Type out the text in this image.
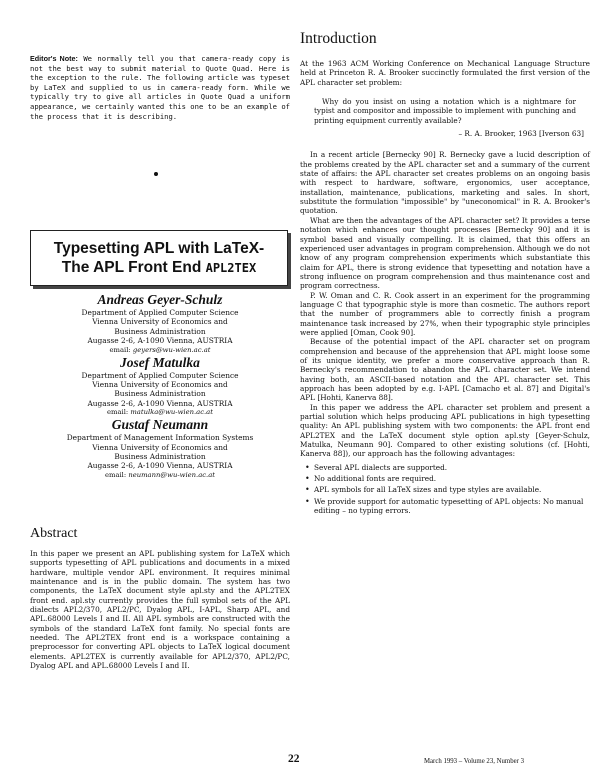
Editor's Note: We normally tell you that camera-ready copy is not the best way to submit material to Quote Quad. Here is the exception to the rule. The following article was typeset by LaTeX and supplied to us in camera-ready form. While we typically try to give all articles in Quote Quad a uniform appearance, we certainly wanted this one to be an example of the process that it is describing.
Typesetting APL with LaTeX-
The APL Front End APL2TEX
Andreas Geyer-Schulz
Department of Applied Computer Science
Vienna University of Economics and
Business Administration
Augasse 2-6, A-1090 Vienna, AUSTRIA
email: geyers@wu-wien.ac.at
Josef Matulka
Department of Applied Computer Science
Vienna University of Economics and
Business Administration
Augasse 2-6, A-1090 Vienna, AUSTRIA
email: matulka@wu-wien.ac.at
Gustaf Neumann
Department of Management Information Systems
Vienna University of Economics and
Business Administration
Augasse 2-6, A-1090 Vienna, AUSTRIA
email: neumann@wu-wien.ac.at
Abstract
In this paper we present an APL publishing system for LaTeX which supports typesetting of APL publications and documents in a mixed hardware, multiple vendor APL environment. It requires minimal maintenance and is in the public domain. The system has two components, the LaTeX document style apl.sty and the APL2TEX front end. apl.sty currently provides the full symbol sets of the APL dialects APL2/370, APL2/PC, Dyalog APL, I-APL, Sharp APL, and APL.68000 Levels I and II. All APL symbols are constructed with the symbols of the standard LaTeX font family. No special fonts are needed. The APL2TEX front end is a workspace containing a preprocessor for converting APL objects to LaTeX logical document elements. APL2TEX is currently available for APL2/370, APL2/PC, Dyalog APL and APL.68000 Levels I and II.
Introduction

At the 1963 ACM Working Conference on Mechanical Language Structure held at Princeton R. A. Brooker succinctly formulated the first version of the APL character set problem:

Why do you insist on using a notation which is a nightmare for typist and compositor and impossible to implement with punching and printing equipment currently available?

– R. A. Brooker, 1963 [Iverson 63]

In a recent article [Bernecky 90] R. Bernecky gave a lucid description of the problems created by the APL character set and a summary of the current state of affairs: the APL character set creates problems on an ongoing basis with respect to hardware, software, ergonomics, user acceptance, installation, maintenance, publications, marketing and sales. In short, substitute the formulation "impossible" by "uneconomical" in R. A. Brooker's quotation.

What are then the advantages of the APL character set? It provides a terse notation which enhances our thought processes [Bernecky 90] and it is symbol based and visually compelling. It is claimed, that this offers an experienced user advantages in program comprehension. Although we do not know of any program comprehension experiments which substantiate this claim for APL, there is strong evidence that typesetting and notation have a strong influence on program comprehension and thus maintenance cost and program correctness.

P. W. Oman and C. R. Cook assert in an experiment for the programming language C that typographic style is more than cosmetic. The authors report that the number of programmers able to correctly finish a program maintenance task increased by 27%, when their typographic style principles were applied [Oman, Cook 90].

Because of the potential impact of the APL character set on program comprehension and because of the apprehension that APL might loose some of its unique identity, we prefer a more conservative approach than R. Bernecky's recommendation to abandon the APL character set. We intend having both, an ASCII-based notation and the APL character set. This approach has been adopted by e.g. I-APL [Camacho et al. 87] and Digital's APL [Hohti, Kanerva 88].

In this paper we address the APL character set problem and present a partial solution which helps producing APL publications in high typesetting quality: An APL publishing system with two components: the APL front end APL2TEX and the LaTeX document style option apl.sty [Geyer-Schulz, Matulka, Neumann 90]. Compared to other existing solutions (cf. [Hohti, Kanerva 88]), our approach has the following advantages:

• Several APL dialects are supported.
• No additional fonts are required.
• APL symbols for all LaTeX sizes and type styles are available.
• We provide support for automatic typesetting of APL objects: No manual editing – no typing errors.
22	March 1993 – Volume 23, Number 3
